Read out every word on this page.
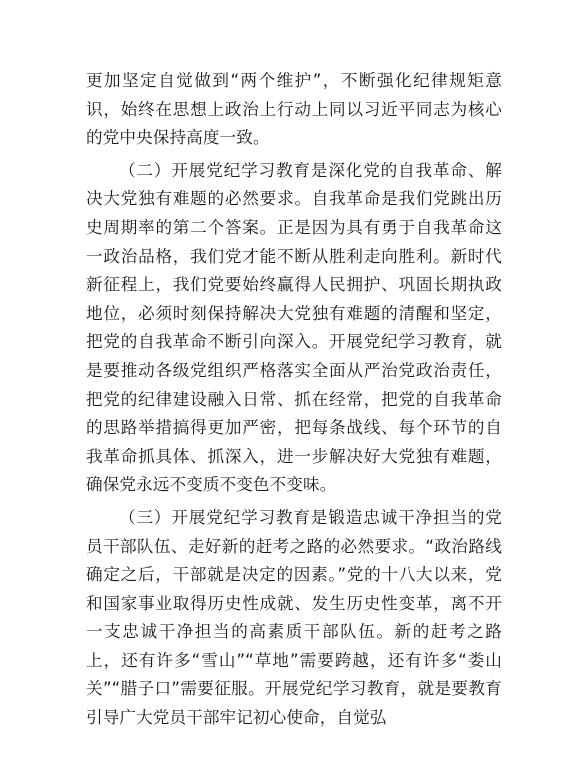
更加坚定自觉做到“两个维护”，不断强化纪律规矩意识，始终在思想上政治上行动上同以习近平同志为核心的党中央保持高度一致。

（二）开展党纪学习教育是深化党的自我革命、解决大党独有难题的必然要求。自我革命是我们党跳出历史周期率的第二个答案。正是因为具有勇于自我革命这一政治品格，我们党才能不断从胜利走向胜利。新时代新征程上，我们党要始终赢得人民拥护、巩固长期执政地位，必须时刻保持解决大党独有难题的清醒和坚定，把党的自我革命不断引向深入。开展党纪学习教育，就是要推动各级党组织严格落实全面从严治党政治责任，把党的纪律建设融入日常、抓在经常，把党的自我革命的思路举措搞得更加严密，把每条战线、每个环节的自我革命抓具体、抓深入，进一步解决好大党独有难题，确保党永远不变质不变色不变味。

（三）开展党纪学习教育是锻造忠诚干净担当的党员干部队伍、走好新的赶考之路的必然要求。“政治路线确定之后，干部就是决定的因素。”党的十八大以来，党和国家事业取得历史性成就、发生历史性变革，离不开一支忠诚干净担当的高素质干部队伍。新的赶考之路上，还有许多“雪山”“草地”需要跨越，还有许多“娄山关”“腊子口”需要征服。开展党纪学习教育，就是要教育引导广大党员干部牢记初心使命，自觉弘
